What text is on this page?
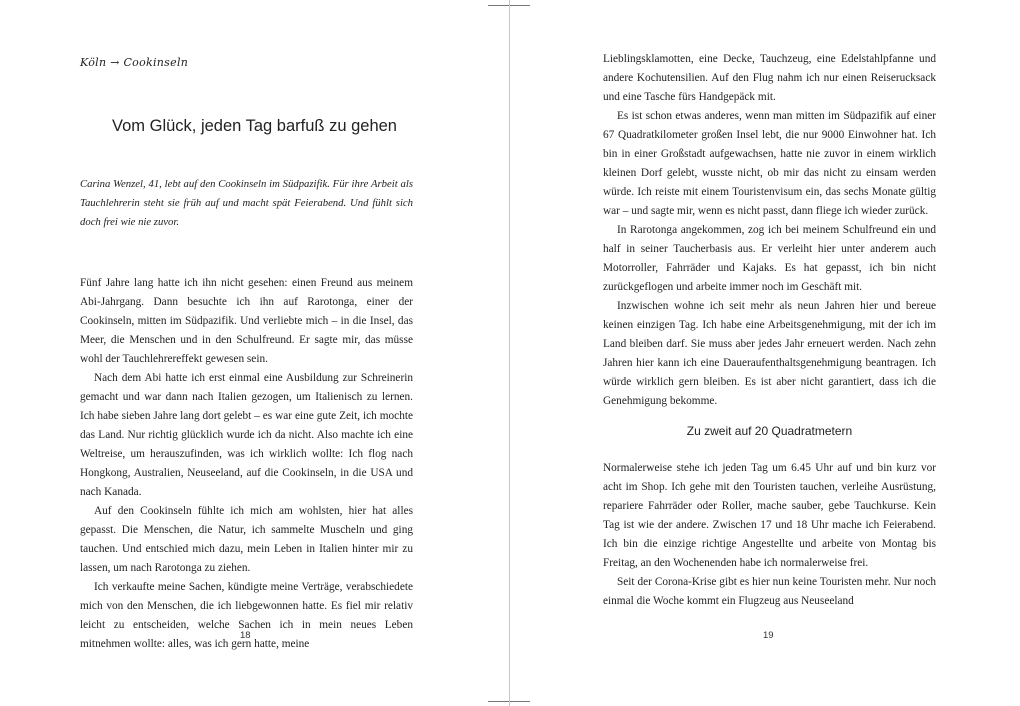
Köln → Cookinseln
Vom Glück, jeden Tag barfuß zu gehen

Carina Wenzel, 41, lebt auf den Cookinseln im Südpazifik. Für ihre Arbeit als Tauchlehrerin steht sie früh auf und macht spät Feierabend. Und fühlt sich doch frei wie nie zuvor.

Fünf Jahre lang hatte ich ihn nicht gesehen: einen Freund aus meinem Abi-Jahrgang. Dann besuchte ich ihn auf Rarotonga, einer der Cookinseln, mitten im Südpazifik. Und verliebte mich – in die Insel, das Meer, die Menschen und in den Schulfreund. Er sagte mir, das müsse wohl der Tauchlehrereffekt gewesen sein.

Nach dem Abi hatte ich erst einmal eine Ausbildung zur Schreinerin gemacht und war dann nach Italien gezogen, um Italienisch zu lernen. Ich habe sieben Jahre lang dort gelebt – es war eine gute Zeit, ich mochte das Land. Nur richtig glücklich wurde ich da nicht. Also machte ich eine Weltreise, um herauszufinden, was ich wirklich wollte: Ich flog nach Hongkong, Australien, Neuseeland, auf die Cookinseln, in die USA und nach Kanada.

Auf den Cookinseln fühlte ich mich am wohlsten, hier hat alles gepasst. Die Menschen, die Natur, ich sammelte Muscheln und ging tauchen. Und entschied mich dazu, mein Leben in Italien hinter mir zu lassen, um nach Rarotonga zu ziehen.

Ich verkaufte meine Sachen, kündigte meine Verträge, verabschiedete mich von den Menschen, die ich liebgewonnen hatte. Es fiel mir relativ leicht zu entscheiden, welche Sachen ich in mein neues Leben mitnehmen wollte: alles, was ich gern hatte, meine

18

Lieblingsklamotten, eine Decke, Tauchzeug, eine Edelstahlpfanne und andere Kochutensilien. Auf den Flug nahm ich nur einen Reiserucksack und eine Tasche fürs Handgepäck mit.

Es ist schon etwas anderes, wenn man mitten im Südpazifik auf einer 67 Quadratkilometer großen Insel lebt, die nur 9000 Einwohner hat. Ich bin in einer Großstadt aufgewachsen, hatte nie zuvor in einem wirklich kleinen Dorf gelebt, wusste nicht, ob mir das nicht zu einsam werden würde. Ich reiste mit einem Touristenvisum ein, das sechs Monate gültig war – und sagte mir, wenn es nicht passt, dann fliege ich wieder zurück.

In Rarotonga angekommen, zog ich bei meinem Schulfreund ein und half in seiner Taucherbasis aus. Er verleiht hier unter anderem auch Motorroller, Fahrräder und Kajaks. Es hat gepasst, ich bin nicht zurückgeflogen und arbeite immer noch im Geschäft mit.

Inzwischen wohne ich seit mehr als neun Jahren hier und bereue keinen einzigen Tag. Ich habe eine Arbeitsgenehmigung, mit der ich im Land bleiben darf. Sie muss aber jedes Jahr erneuert werden. Nach zehn Jahren hier kann ich eine Daueraufenthaltsgenehmigung beantragen. Ich würde wirklich gern bleiben. Es ist aber nicht garantiert, dass ich die Genehmigung bekomme.

Zu zweit auf 20 Quadratmetern

Normalerweise stehe ich jeden Tag um 6.45 Uhr auf und bin kurz vor acht im Shop. Ich gehe mit den Touristen tauchen, verleihe Ausrüstung, repariere Fahrräder oder Roller, mache sauber, gebe Tauchkurse. Kein Tag ist wie der andere. Zwischen 17 und 18 Uhr mache ich Feierabend. Ich bin die einzige richtige Angestellte und arbeite von Montag bis Freitag, an den Wochenenden habe ich normalerweise frei.

Seit der Corona-Krise gibt es hier nun keine Touristen mehr. Nur noch einmal die Woche kommt ein Flugzeug aus Neuseeland

19
